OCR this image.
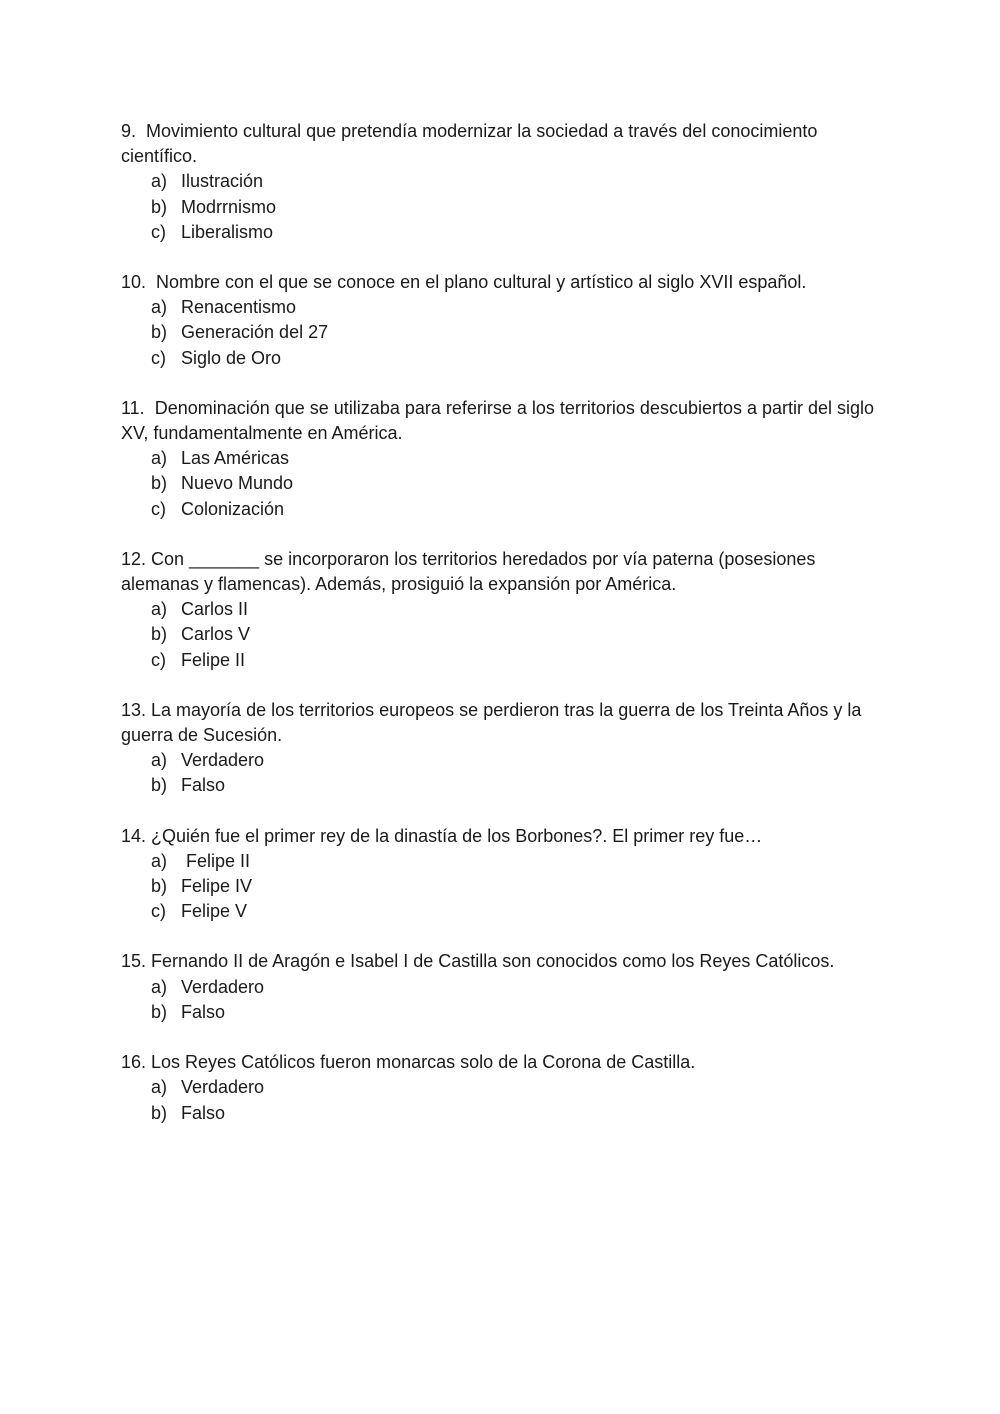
9.  Movimiento cultural que pretendía modernizar la sociedad a través del conocimiento científico.

a) Ilustración
b) Modrrnismo
c) Liberalismo

10.  Nombre con el que se conoce en el plano cultural y artístico al siglo XVII español.

a) Renacentismo
b) Generación del 27
c) Siglo de Oro

11.  Denominación que se utilizaba para referirse a los territorios descubiertos a partir del siglo XV, fundamentalmente en América.

a) Las Américas
b) Nuevo Mundo
c) Colonización

12. Con _______ se incorporaron los territorios heredados por vía paterna (posesiones alemanas y flamencas). Además, prosiguió la expansión por América.

a) Carlos II
b) Carlos V
c) Felipe II

13. La mayoría de los territorios europeos se perdieron tras la guerra de los Treinta Años y la guerra de Sucesión.

a) Verdadero
b) Falso

14. ¿Quién fue el primer rey de la dinastía de los Borbones?. El primer rey fue…

a) Felipe II
b) Felipe IV
c) Felipe V

15. Fernando II de Aragón e Isabel I de Castilla son conocidos como los Reyes Católicos.

a) Verdadero
b) Falso

16. Los Reyes Católicos fueron monarcas solo de la Corona de Castilla.

a) Verdadero
b) Falso
